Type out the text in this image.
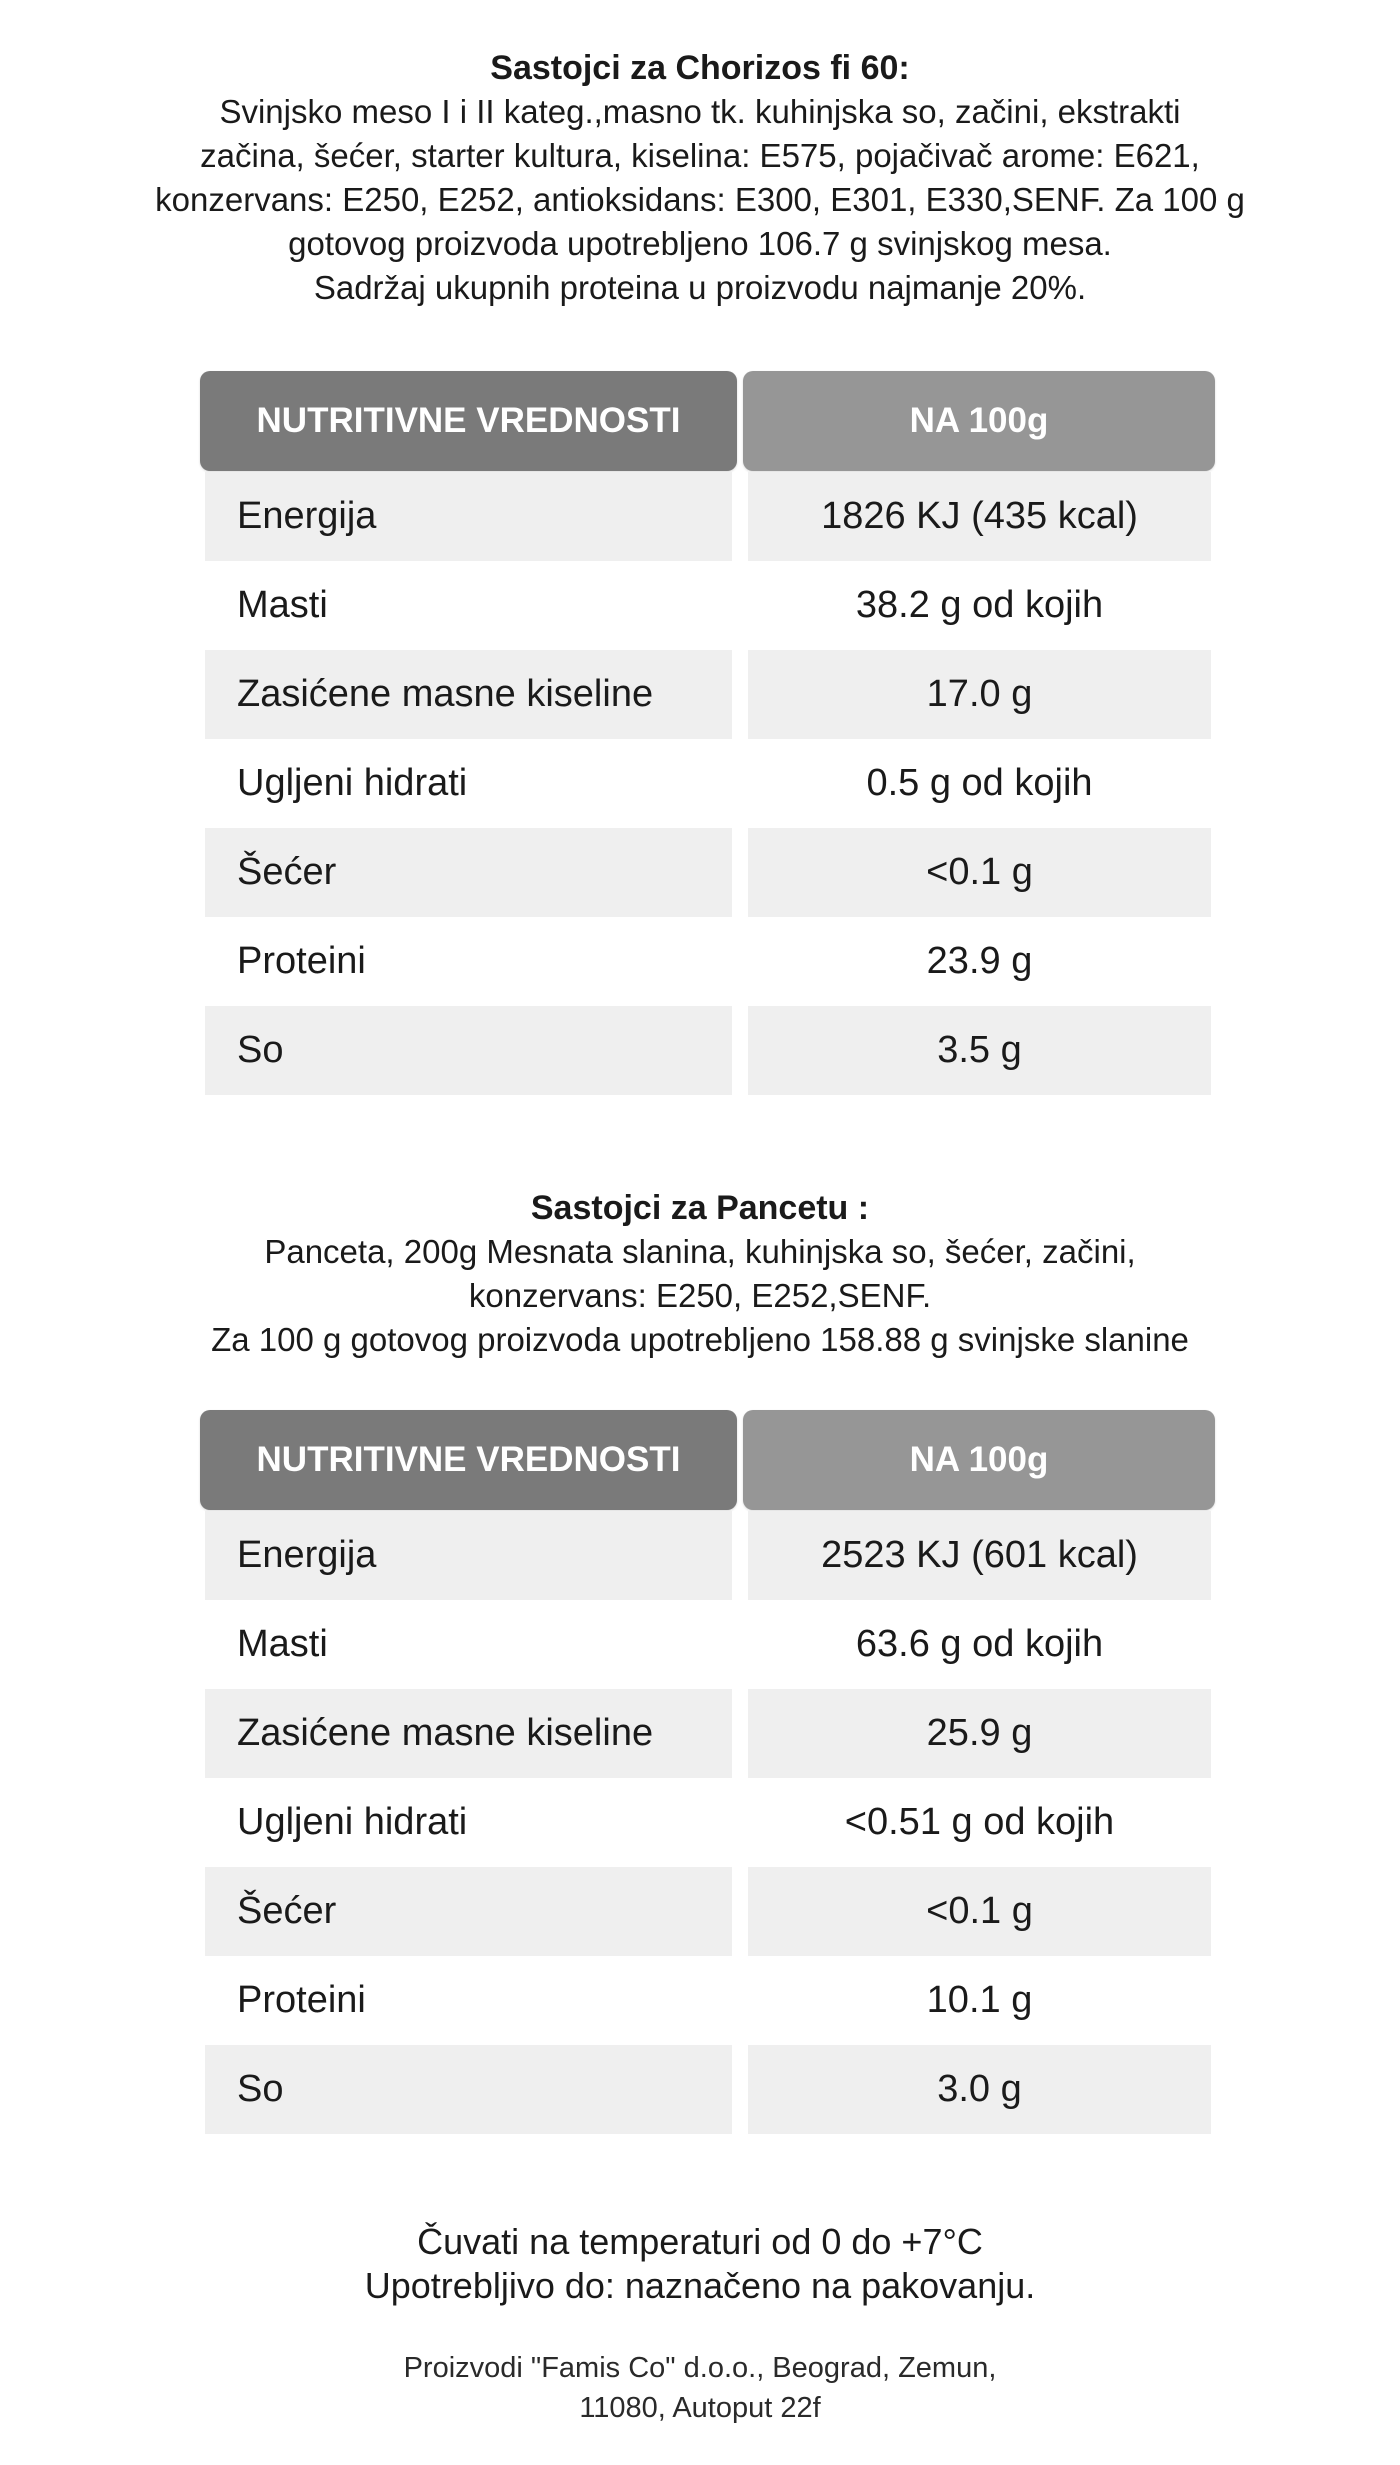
Sastojci za Chorizos fi 60:

Svinjsko meso I i II kateg.,masno tk. kuhinjska so, začini, ekstrakti

začina, šećer, starter kultura, kiselina: E575, pojačivač arome: E621,

konzervans: E250, E252, antioksidans: E300, E301, E330,SENF. Za 100 g

gotovog proizvoda upotrebljeno 106.7 g svinjskog mesa.

Sadržaj ukupnih proteina u proizvodu najmanje 20%.

NUTRITIVNE VREDNOSTI	NA 100g
Energija	1826 KJ (435 kcal)
Masti	38.2 g od kojih
Zasićene masne kiseline	17.0 g
Ugljeni hidrati	0.5 g od kojih
Šećer	<0.1 g
Proteini	23.9 g
So	3.5 g

Sastojci za Pancetu :

Panceta, 200g Mesnata slanina, kuhinjska so, šećer, začini,

konzervans: E250, E252,SENF.

Za 100 g gotovog proizvoda upotrebljeno 158.88 g svinjske slanine

NUTRITIVNE VREDNOSTI	NA 100g
Energija	2523 KJ (601 kcal)
Masti	63.6 g od kojih
Zasićene masne kiseline	25.9 g
Ugljeni hidrati	<0.51 g od kojih
Šećer	<0.1 g
Proteini	10.1 g
So	3.0 g

Čuvati na temperaturi od 0 do +7°C

Upotrebljivo do: naznačeno na pakovanju.

Proizvodi "Famis Co" d.o.o., Beograd, Zemun,

11080, Autoput 22f
